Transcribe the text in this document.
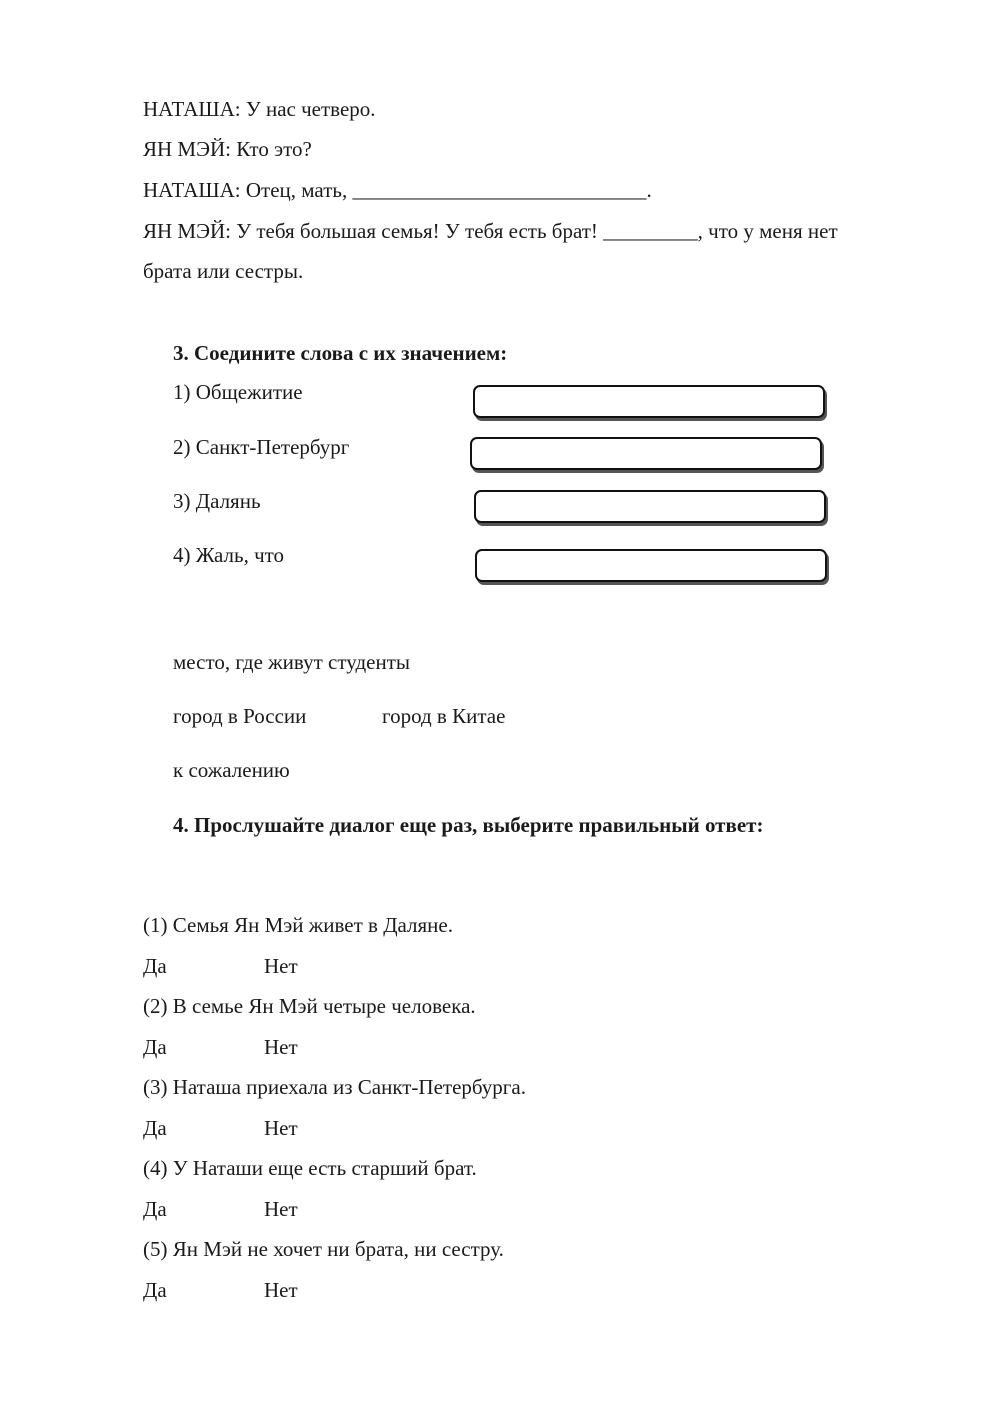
НАТАША: У нас четверо.
ЯН МЭЙ: Кто это?
НАТАША: Отец, мать, ____________________________.
ЯН МЭЙ: У тебя большая семья! У тебя есть брат! _________, что у меня нет
брата или сестры.
3. Соедините слова с их значением:
1) Общежитие
2) Санкт-Петербург
3) Далянь
4) Жаль, что
место, где живут студенты
город в России	город в Китае
к сожалению
4. Прослушайте диалог еще раз, выберите правильный ответ:
(1) Семья Ян Мэй живет в Даляне.
Да	Нет
(2) В семье Ян Мэй четыре человека.
Да	Нет
(3) Наташа приехала из Санкт-Петербурга.
Да	Нет
(4) У Наташи еще есть старший брат.
Да	Нет
(5) Ян Мэй не хочет ни брата, ни сестру.
Да	Нет
